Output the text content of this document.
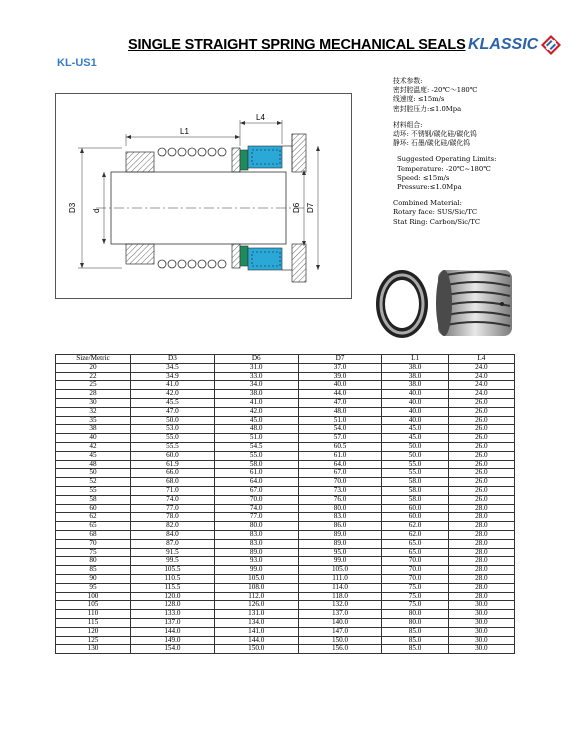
SINGLE STRAIGHT SPRING MECHANICAL SEALS KLASSIC
KL-US1
L1
L4
D3 d	D6 D7
技术参数:
密封腔温度: -20℃～180℃
线速度: ≤15m/s
密封腔压力:≤1.0Mpa
材料组合:
动环: 不锈钢/碳化硅/碳化钨
静环: 石墨/碳化硅/碳化钨
Suggested Operating Limits:
Temperature: -20℃~180℃
Speed: ≤15m/s
Pressure:≤1.0Mpa
Combined Material:
Rotary face: SUS/Sic/TC
Stat Ring: Carbon/Sic/TC
Size/Metric	D3	D6	D7	L1	L4
20	34.5	31.0	37.0	38.0	24.0
22	34.9	33.0	39.0	38.0	24.0
25	41.0	34.0	40.0	38.0	24.0
28	42.0	38.0	44.0	40.0	24.0
30	45.5	41.0	47.0	40.0	26.0
32	47.0	42.0	48.0	40.0	26.0
35	50.0	45.0	51.0	40.0	26.0
38	53.0	48.0	54.0	45.0	26.0
40	55.0	51.0	57.0	45.0	26.0
42	55.5	54.5	60.5	50.0	26.0
45	60.0	55.0	61.0	50.0	26.0
48	61.9	58.0	64.0	55.0	26.0
50	66.0	61.0	67.0	55.0	26.0
52	68.0	64.0	70.0	58.0	26.0
55	71.0	67.0	73.0	58.0	26.0
58	74.0	70.0	76.0	58.0	26.0
60	77.0	74.0	80.0	60.0	28.0
62	78.0	77.0	83.0	60.0	28.0
65	82.0	80.0	86.0	62.0	28.0
68	84.0	83.0	89.0	62.0	28.0
70	87.0	83.0	89.0	65.0	28.0
75	91.5	89.0	95.0	65.0	28.0
80	99.5	93.0	99.0	70.0	28.0
85	105.5	99.0	105.0	70.0	28.0
90	110.5	105.0	111.0	70.0	28.0
95	115.5	108.0	114.0	75.0	28.0
100	120.0	112.0	118.0	75.0	28.0
105	128.0	126.0	132.0	75.0	30.0
110	133.0	131.0	137.0	80.0	30.0
115	137.0	134.0	140.0	80.0	30.0
120	144.0	141.0	147.0	85.0	30.0
125	149.0	144.0	150.0	85.0	30.0
130	154.0	150.0	156.0	85.0	30.0
